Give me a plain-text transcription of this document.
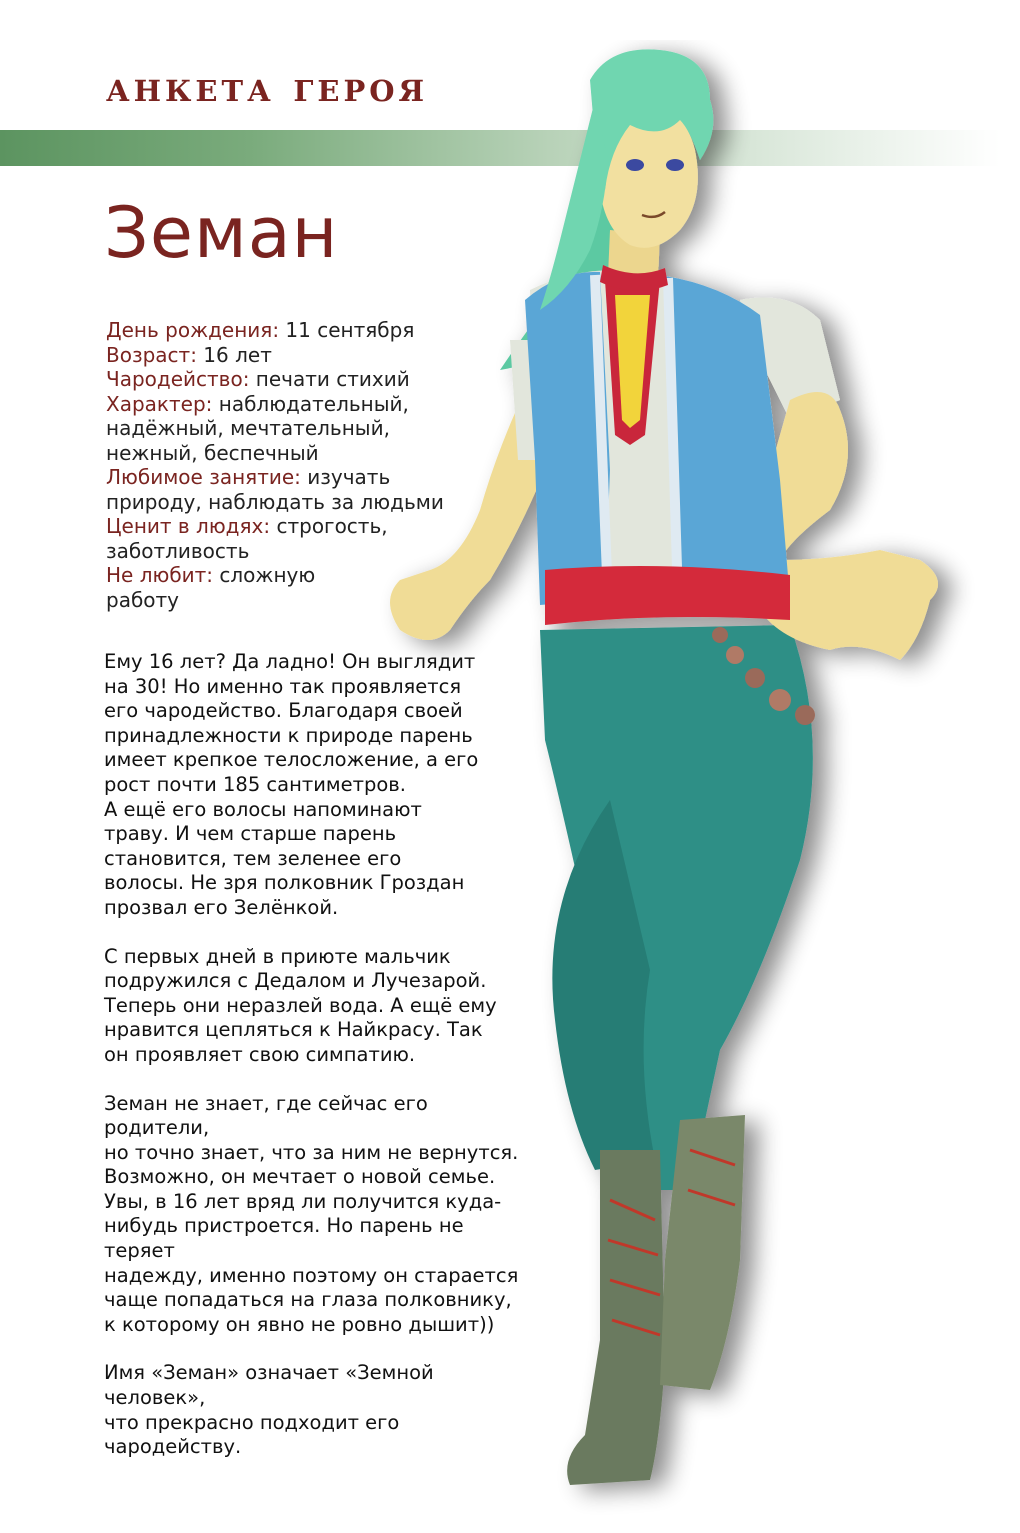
анкета героя
Земан
День рождения: 11 сентября
Возраст: 16 лет
Чародейство: печати стихий
Характер: наблюдательный,
надёжный, мечтательный,
нежный, беспечный
Любимое занятие: изучать
природу, наблюдать за людьми
Ценит в людях: строгость,
заботливость
Не любит: сложную
работу

Ему 16 лет? Да ладно! Он выглядит
на 30! Но именно так проявляется
его чародейство. Благодаря своей
принадлежности к природе парень
имеет крепкое телосложение, а его
рост почти 185 сантиметров.
А ещё его волосы напоминают
траву. И чем старше парень
становится, тем зеленее его
волосы. Не зря полковник Гроздан
прозвал его Зелёнкой.

С первых дней в приюте мальчик
подружился с Дедалом и Лучезарой.
Теперь они неразлей вода. А ещё ему
нравится цепляться к Найкрасу. Так
он проявляет свою симпатию.

Земан не знает, где сейчас его родители,
но точно знает, что за ним не вернутся.
Возможно, он мечтает о новой семье.
Увы, в 16 лет вряд ли получится куда-
нибудь пристроется. Но парень не теряет
надежду, именно поэтому он старается
чаще попадаться на глаза полковнику,
к которому он явно не ровно дышит))

Имя «Земан» означает «Земной человек»,
что прекрасно подходит его чародейству.
